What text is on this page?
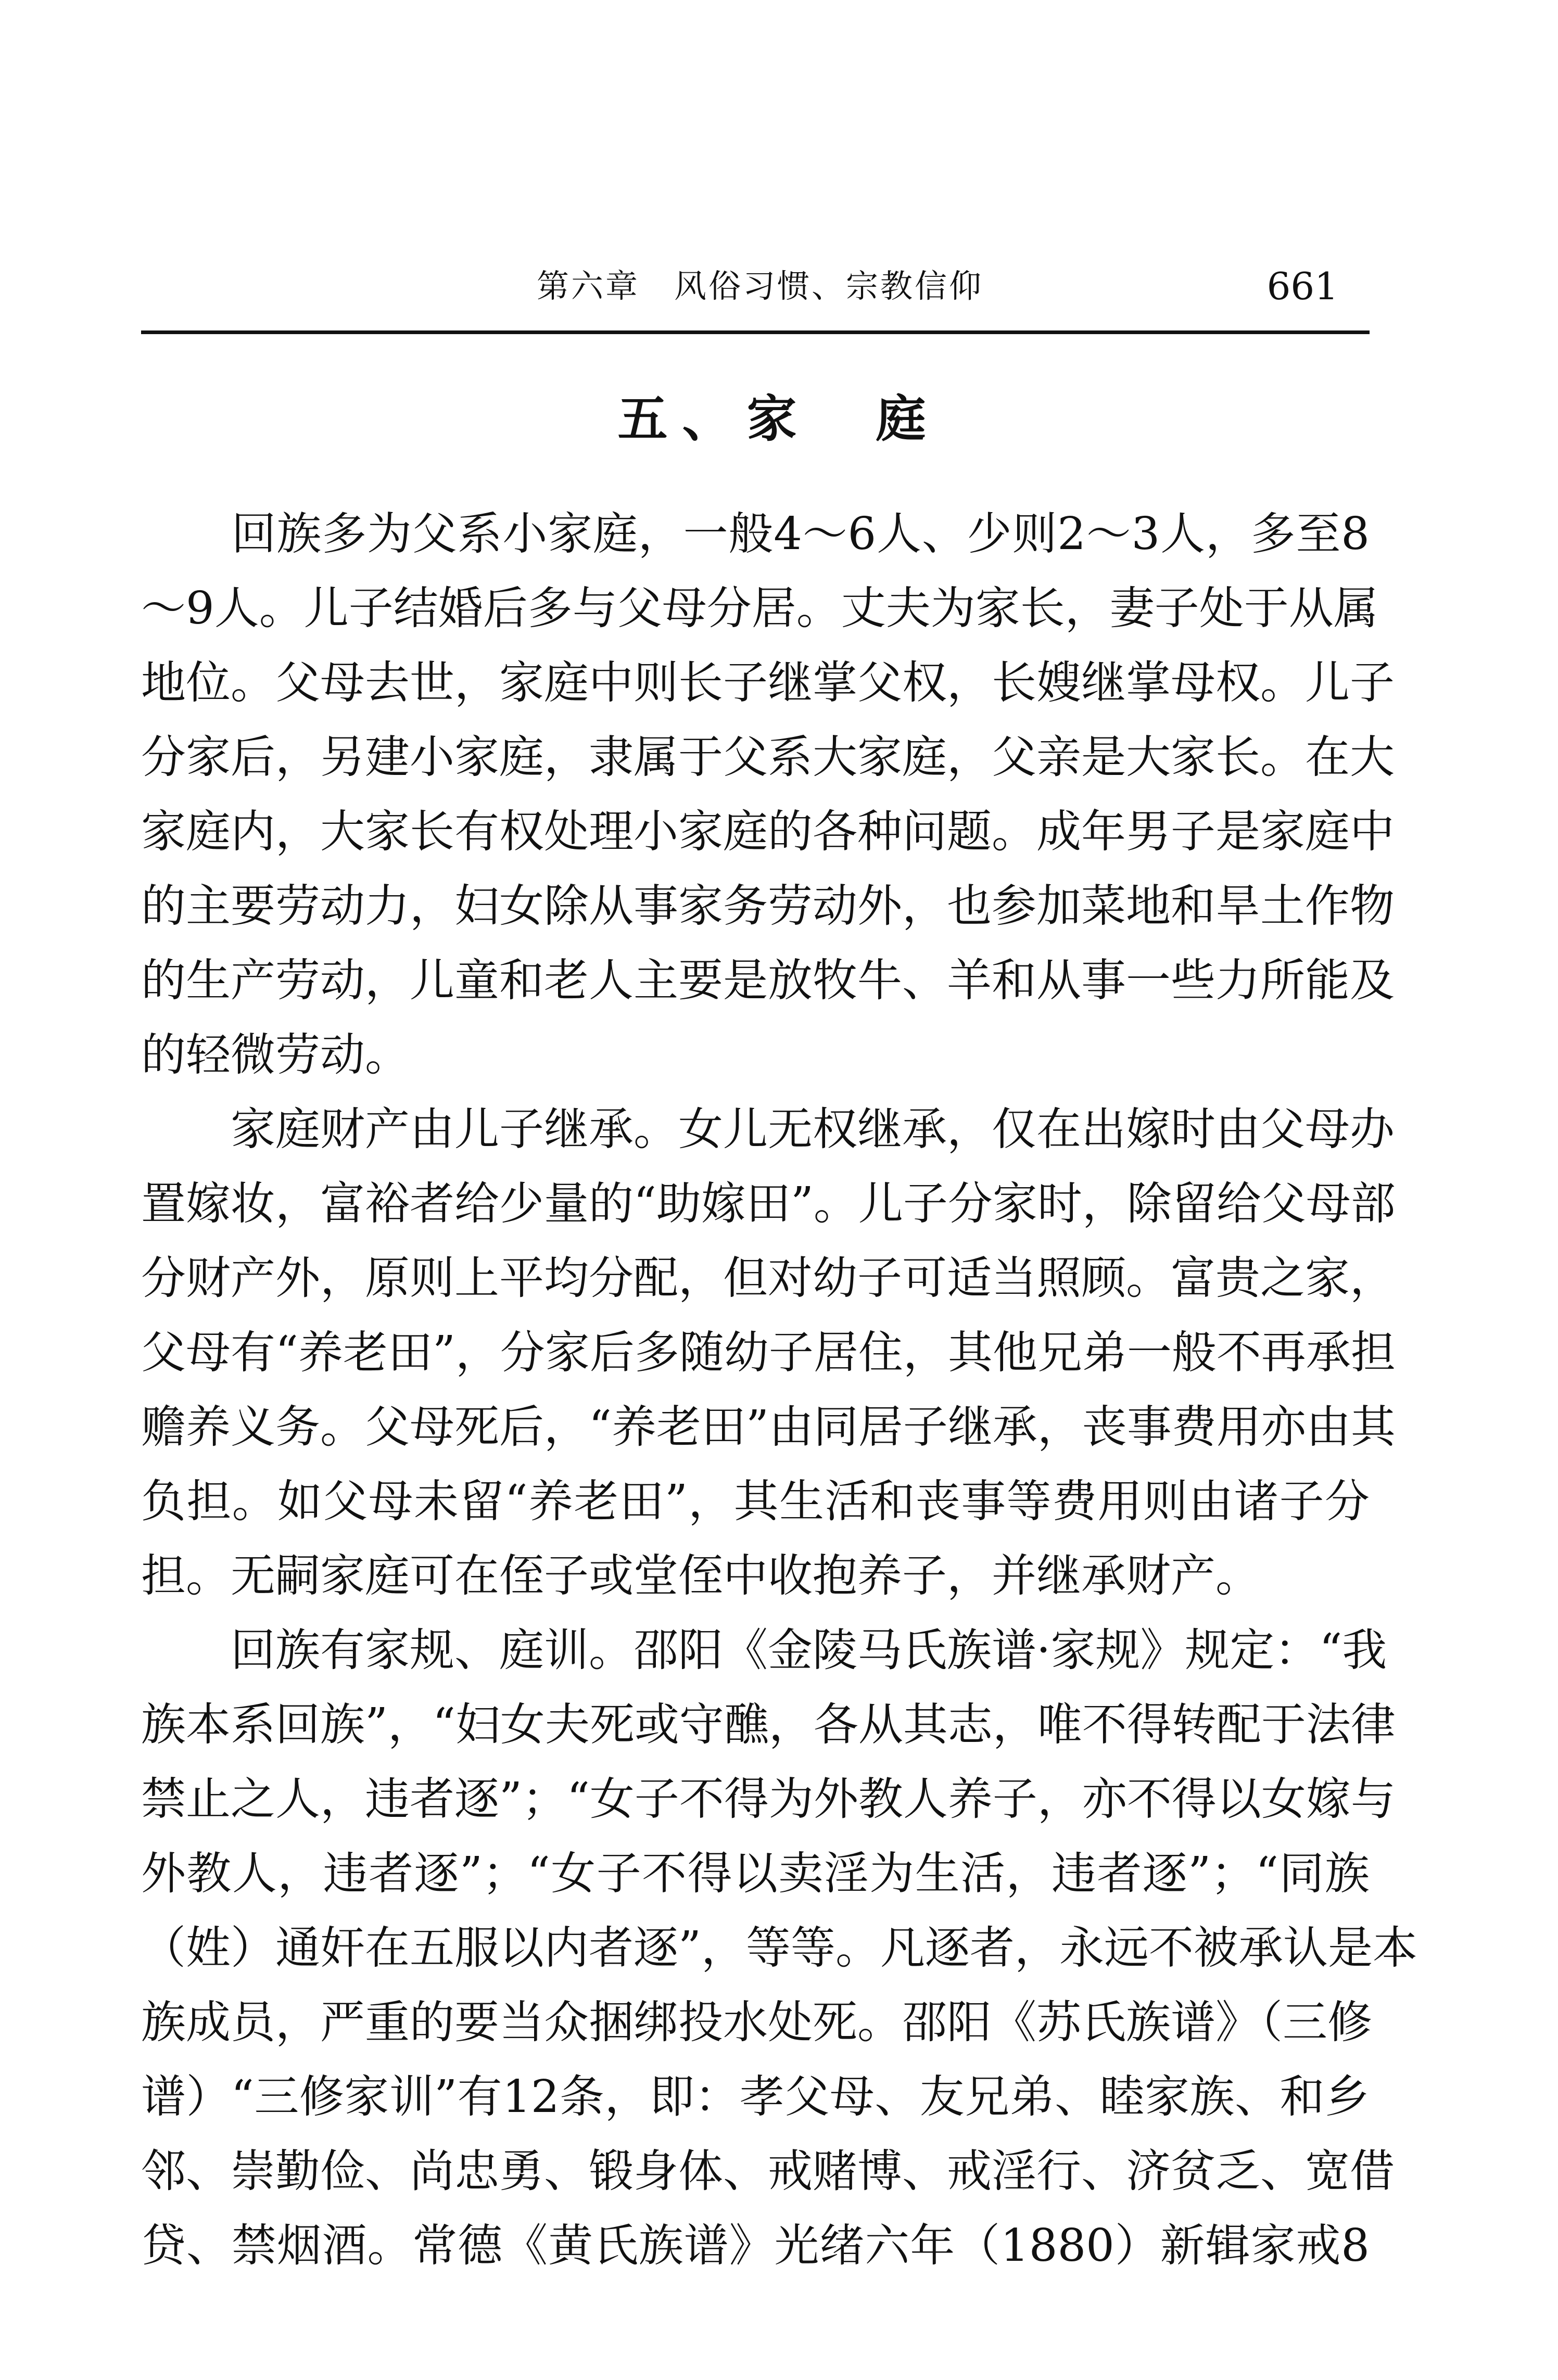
第六章　风俗习惯、宗教信仰	661
五、家　庭

　　回族多为父系小家庭，一般4～6人、少则2～3人，多至8
～9人。儿子结婚后多与父母分居。丈夫为家长，妻子处于从属
地位。父母去世，家庭中则长子继掌父权，长嫂继掌母权。儿子
分家后，另建小家庭，隶属于父系大家庭，父亲是大家长。在大
家庭内，大家长有权处理小家庭的各种问题。成年男子是家庭中
的主要劳动力，妇女除从事家务劳动外，也参加菜地和旱土作物
的生产劳动，儿童和老人主要是放牧牛、羊和从事一些力所能及
的轻微劳动。

　　家庭财产由儿子继承。女儿无权继承，仅在出嫁时由父母办
置嫁妆，富裕者给少量的“助嫁田”。儿子分家时，除留给父母部
分财产外，原则上平均分配，但对幼子可适当照顾。富贵之家，
父母有“养老田”，分家后多随幼子居住，其他兄弟一般不再承担
赡养义务。父母死后，“养老田”由同居子继承，丧事费用亦由其
负担。如父母未留“养老田”，其生活和丧事等费用则由诸子分
担。无嗣家庭可在侄子或堂侄中收抱养子，并继承财产。

　　回族有家规、庭训。邵阳《金陵马氏族谱·家规》规定：“我
族本系回族”，“妇女夫死或守醮，各从其志，唯不得转配于法律
禁止之人，违者逐”；“女子不得为外教人养子，亦不得以女嫁与
外教人，违者逐”；“女子不得以卖淫为生活，违者逐”；“同族
（姓）通奸在五服以内者逐”，等等。凡逐者，永远不被承认是本
族成员，严重的要当众捆绑投水处死。邵阳《苏氏族谱》（三修
谱）“三修家训”有12条，即：孝父母、友兄弟、睦家族、和乡
邻、崇勤俭、尚忠勇、锻身体、戒赌博、戒淫行、济贫乏、宽借
贷、禁烟酒。常德《黄氏族谱》光绪六年（1880）新辑家戒8
